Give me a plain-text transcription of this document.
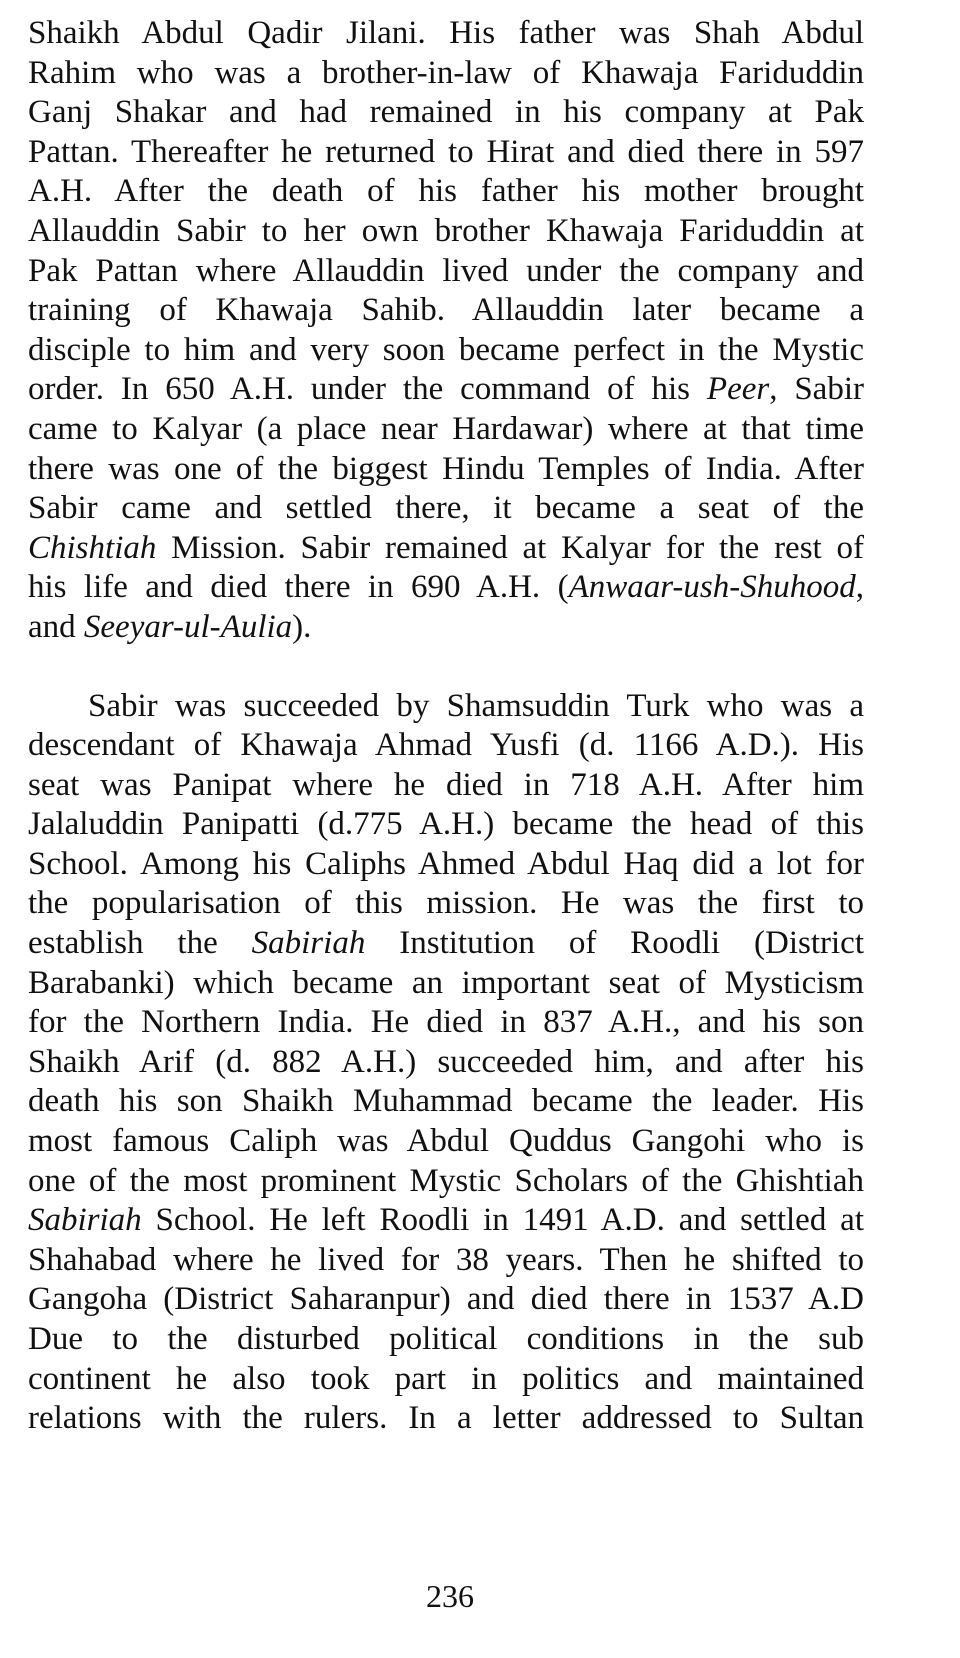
Shaikh Abdul Qadir Jilani. His father was Shah Abdul
Rahim who was a brother-in-law of Khawaja Fariduddin
Ganj Shakar and had remained in his company at Pak
Pattan. Thereafter he returned to Hirat and died there in 597
A.H. After the death of his father his mother brought
Allauddin Sabir to her own brother Khawaja Fariduddin at
Pak Pattan where Allauddin lived under the company and
training of Khawaja Sahib. Allauddin later became a
disciple to him and very soon became perfect in the Mystic
order. In 650 A.H. under the command of his Peer, Sabir
came to Kalyar (a place near Hardawar) where at that time
there was one of the biggest Hindu Temples of India. After
Sabir came and settled there, it became a seat of the
Chishtiah Mission. Sabir remained at Kalyar for the rest of
his life and died there in 690 A.H. (Anwaar-ush-Shuhood,
and Seeyar-ul-Aulia).
Sabir was succeeded by Shamsuddin Turk who was a
descendant of Khawaja Ahmad Yusfi (d. 1166 A.D.). His
seat was Panipat where he died in 718 A.H. After him
Jalaluddin Panipatti (d.775 A.H.) became the head of this
School. Among his Caliphs Ahmed Abdul Haq did a lot for
the popularisation of this mission. He was the first to
establish the Sabiriah Institution of Roodli (District
Barabanki) which became an important seat of Mysticism
for the Northern India. He died in 837 A.H., and his son
Shaikh Arif (d. 882 A.H.) succeeded him, and after his
death his son Shaikh Muhammad became the leader. His
most famous Caliph was Abdul Quddus Gangohi who is
one of the most prominent Mystic Scholars of the Ghishtiah
Sabiriah School. He left Roodli in 1491 A.D. and settled at
Shahabad where he lived for 38 years. Then he shifted to
Gangoha (District Saharanpur) and died there in 1537 A.D
Due to the disturbed political conditions in the sub
continent he also took part in politics and maintained
relations with the rulers. In a letter addressed to Sultan
236
